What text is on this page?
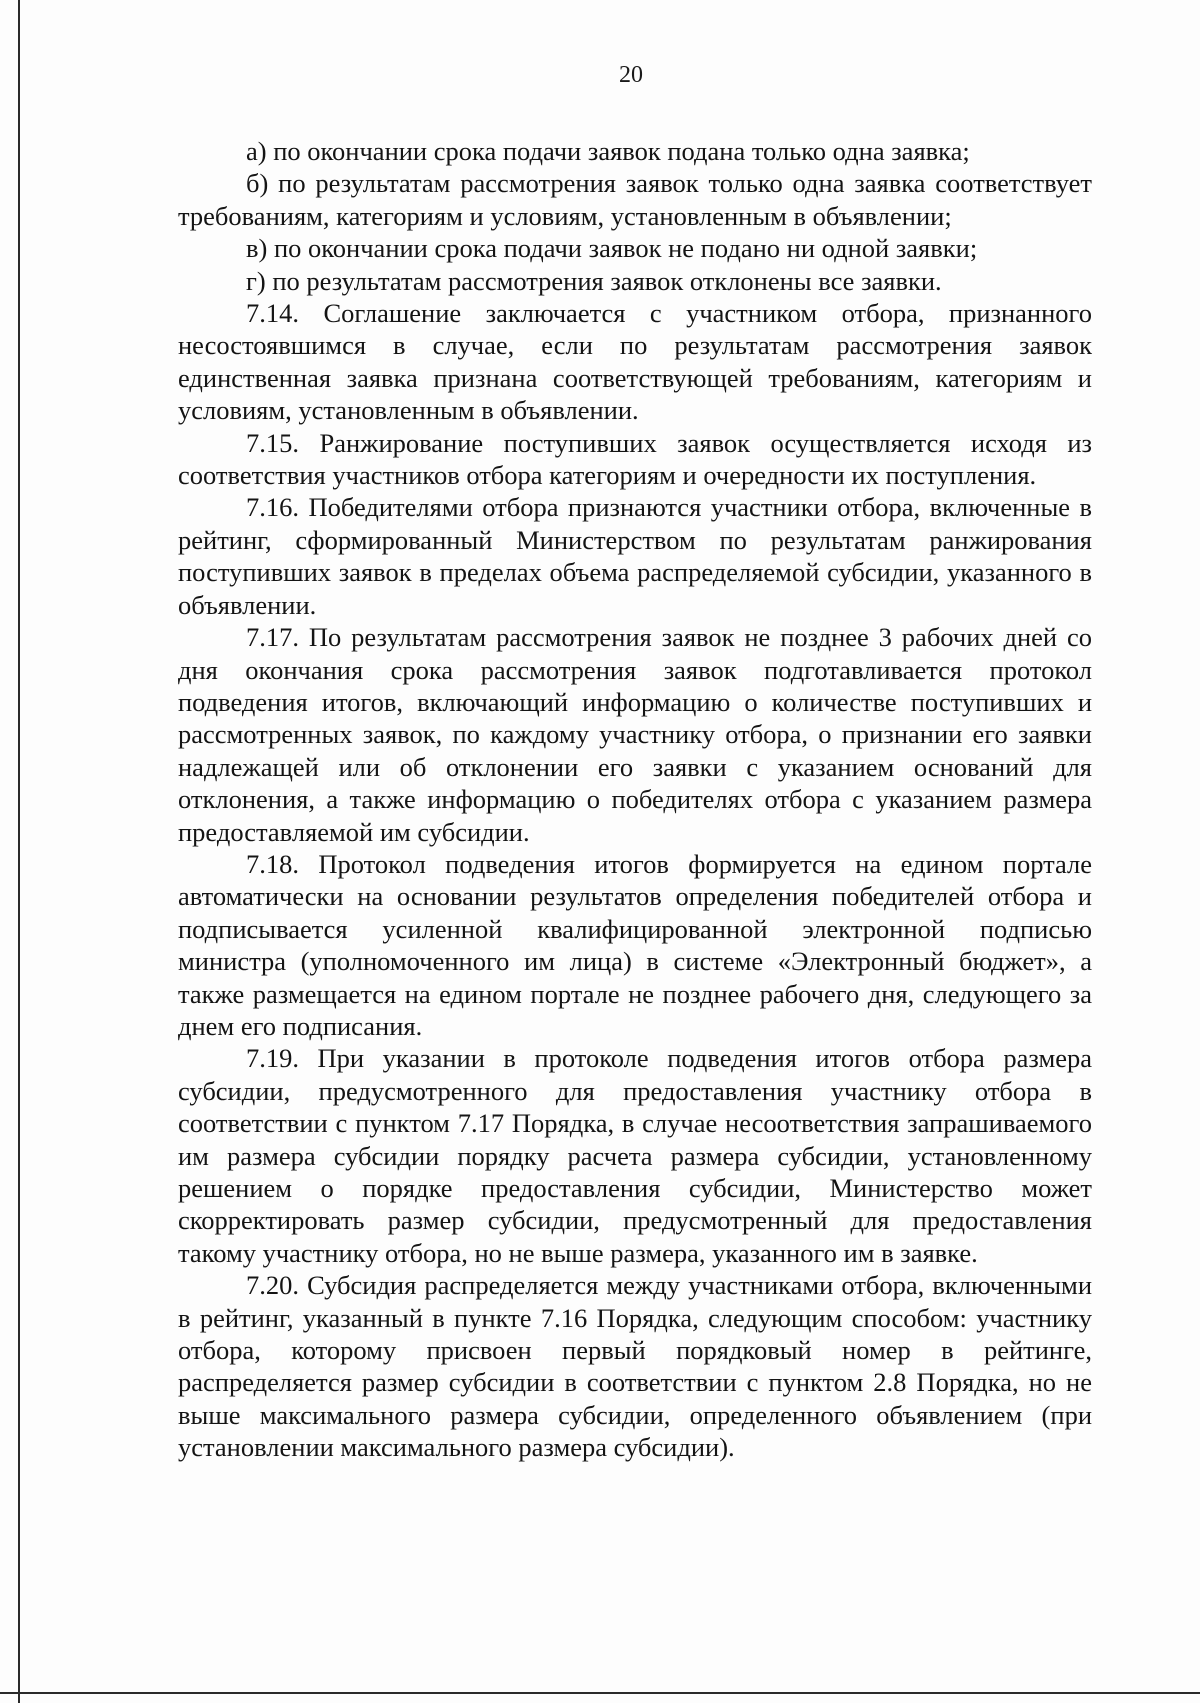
20

а) по окончании срока подачи заявок подана только одна заявка;

б) по результатам рассмотрения заявок только одна заявка соответствует требованиям, категориям и условиям, установленным в объявлении;

в) по окончании срока подачи заявок не подано ни одной заявки;

г) по результатам рассмотрения заявок отклонены все заявки.

7.14. Соглашение заключается с участником отбора, признанного несостоявшимся в случае, если по результатам рассмотрения заявок единственная заявка признана соответствующей требованиям, категориям и условиям, установленным в объявлении.

7.15. Ранжирование поступивших заявок осуществляется исходя из соответствия участников отбора категориям и очередности их поступления.

7.16. Победителями отбора признаются участники отбора, включенные в рейтинг, сформированный Министерством по результатам ранжирования поступивших заявок в пределах объема распределяемой субсидии, указанного в объявлении.

7.17. По результатам рассмотрения заявок не позднее 3 рабочих дней со дня окончания срока рассмотрения заявок подготавливается протокол подведения итогов, включающий информацию о количестве поступивших и рассмотренных заявок, по каждому участнику отбора, о признании его заявки надлежащей или об отклонении его заявки с указанием оснований для отклонения, а также информацию о победителях отбора с указанием размера предоставляемой им субсидии.

7.18. Протокол подведения итогов формируется на едином портале автоматически на основании результатов определения победителей отбора и подписывается усиленной квалифицированной электронной подписью министра (уполномоченного им лица) в системе «Электронный бюджет», а также размещается на едином портале не позднее рабочего дня, следующего за днем его подписания.

7.19. При указании в протоколе подведения итогов отбора размера субсидии, предусмотренного для предоставления участнику отбора в соответствии с пунктом 7.17 Порядка, в случае несоответствия запрашиваемого им размера субсидии порядку расчета размера субсидии, установленному решением о порядке предоставления субсидии, Министерство может скорректировать размер субсидии, предусмотренный для предоставления такому участнику отбора, но не выше размера, указанного им в заявке.

7.20. Субсидия распределяется между участниками отбора, включенными в рейтинг, указанный в пункте 7.16 Порядка, следующим способом: участнику отбора, которому присвоен первый порядковый номер в рейтинге, распределяется размер субсидии в соответствии с пунктом 2.8 Порядка, но не выше максимального размера субсидии, определенного объявлением (при установлении максимального размера субсидии).
